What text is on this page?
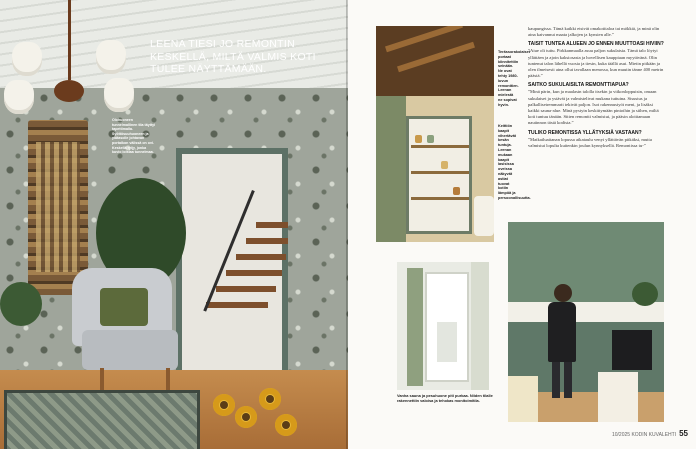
LEENA TIESI JO REMONTIN KESKELLÄ, MILTÄ VALMIS KOTI TULEE NÄYTTÄMÄÄN.

Olohuoneen tunnelmallinen tila täyttyi tapettimalla. Syöttösuuhuoneen ja ylätasolle johtavan portaikon välissä on ovi. Keskellä ryijy, jonka kuvio loistaa tunnelmaa.

Terässorakolaiset portaat kiinnitettiin seinään. Ne ovat tehty 1980-luvun remonttien. Leenan mielestä ne sopivat hyvin.

Keittiön kaapit vihertävät kesän tuntuja. Leenan mukaan kaapit lasisissa oveissa näkyvät astiat tuovat kotiin lämpöä ja persoonallisuutta.

kaupungissa. Tämä kaikki etsivät omakotitaloa tai mökkiä, ja minä olin aina kaivannut maata jalkojen ja kynsien alle.”

TAISIT TUNTEA ALUEEN JO ENNEN MUUTTOASI HIVIIN?

”Aiue oli tuttu. Pirkkanmaalla asuu paljon sukulaisia. Tämä talo löytyi yllättäen ja ajoin kaksiosasta ja hovellisen kauppiaan myytävänä. Olin tuntenut talon lähellä vuosia ja tiesin, kuka täällä asui. Mietin pitkään ja olen ilmeisesti aina ollut tavallaan menossa, kun muutin tänne 400 metrin päästä.”

SAITKO SUKULAISILTA REMONTTIAPUA?

”Minä pärin, kun ja maalasin talolla itsekin ja viikonloppuisin, omaan sukulaiset ja ystävät ja valmistelivat mukana tuttuina. Sisustus ja palkallisetremmarit tekivät paljon. Isot rakennustyöt meni, ja lisäksi kaikki sauna-alue. Minä pystyin keskittymään pintoihin ja siihen, miltä koti tuntuu tänään. Sitten remontti valmistui, ja pääsin aloittamaan nautinnon tästä kodista.”

TULIKO REMONTISSA YLLÄTYKSIÄ VASTAAN?

”Matkailuaitanan lopussa aikataulu venyi yllättävän pitkäksi, mutta valmistui lopulta kuitenkin joulun kynnyksellä. Remontissa tu-”

Vanha sauna ja pesuhuone piti purkaa. Niiden tilalle rakennettiin valoisa ja tehokas monitoimitila.

10/2025 KODIN KUVALEHTI 55
